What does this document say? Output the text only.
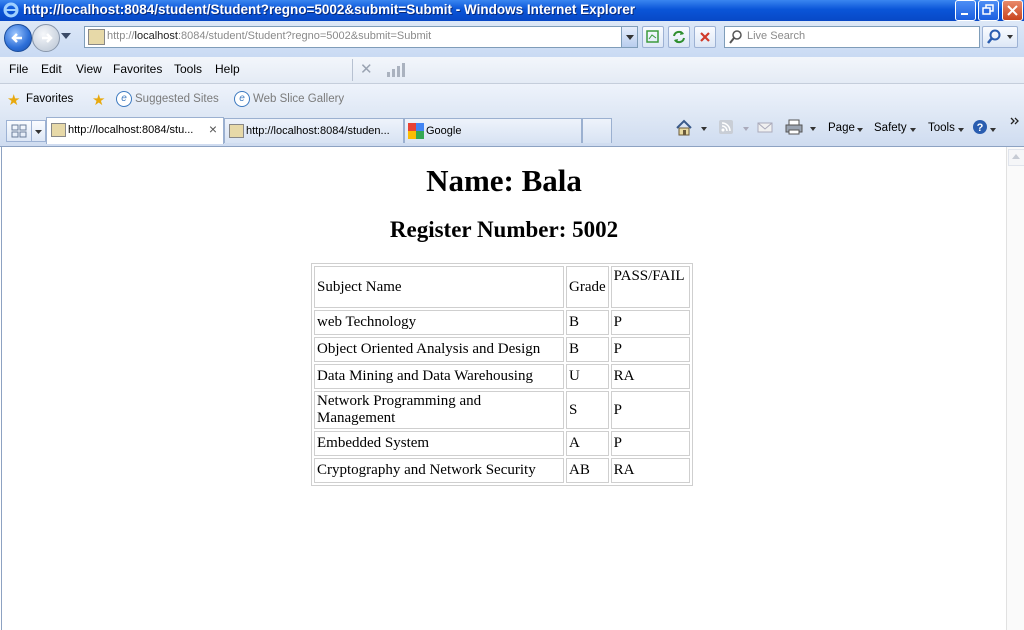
http://localhost:8084/student/Student?regno=5002&submit=Submit - Windows Internet Explorer
http://localhost:8084/student/Student?regno=5002&submit=Submit	Live Search
File Edit View Favorites Tools Help	✕
★ Favorites ★	e Suggested Sites	e Web Slice Gallery
http://localhost:8084/stu... ×	http://localhost:8084/studen...	Google	Page Safety Tools ?
Name: Bala
Register Number: 5002
Subject Name	Grade	PASS/FAIL
web Technology	B	P
Object Oriented Analysis and Design	B	P
Data Mining and Data Warehousing	U	RA
Network Programming and Management	S	P
Embedded System	A	P
Cryptography and Network Security	AB	RA
